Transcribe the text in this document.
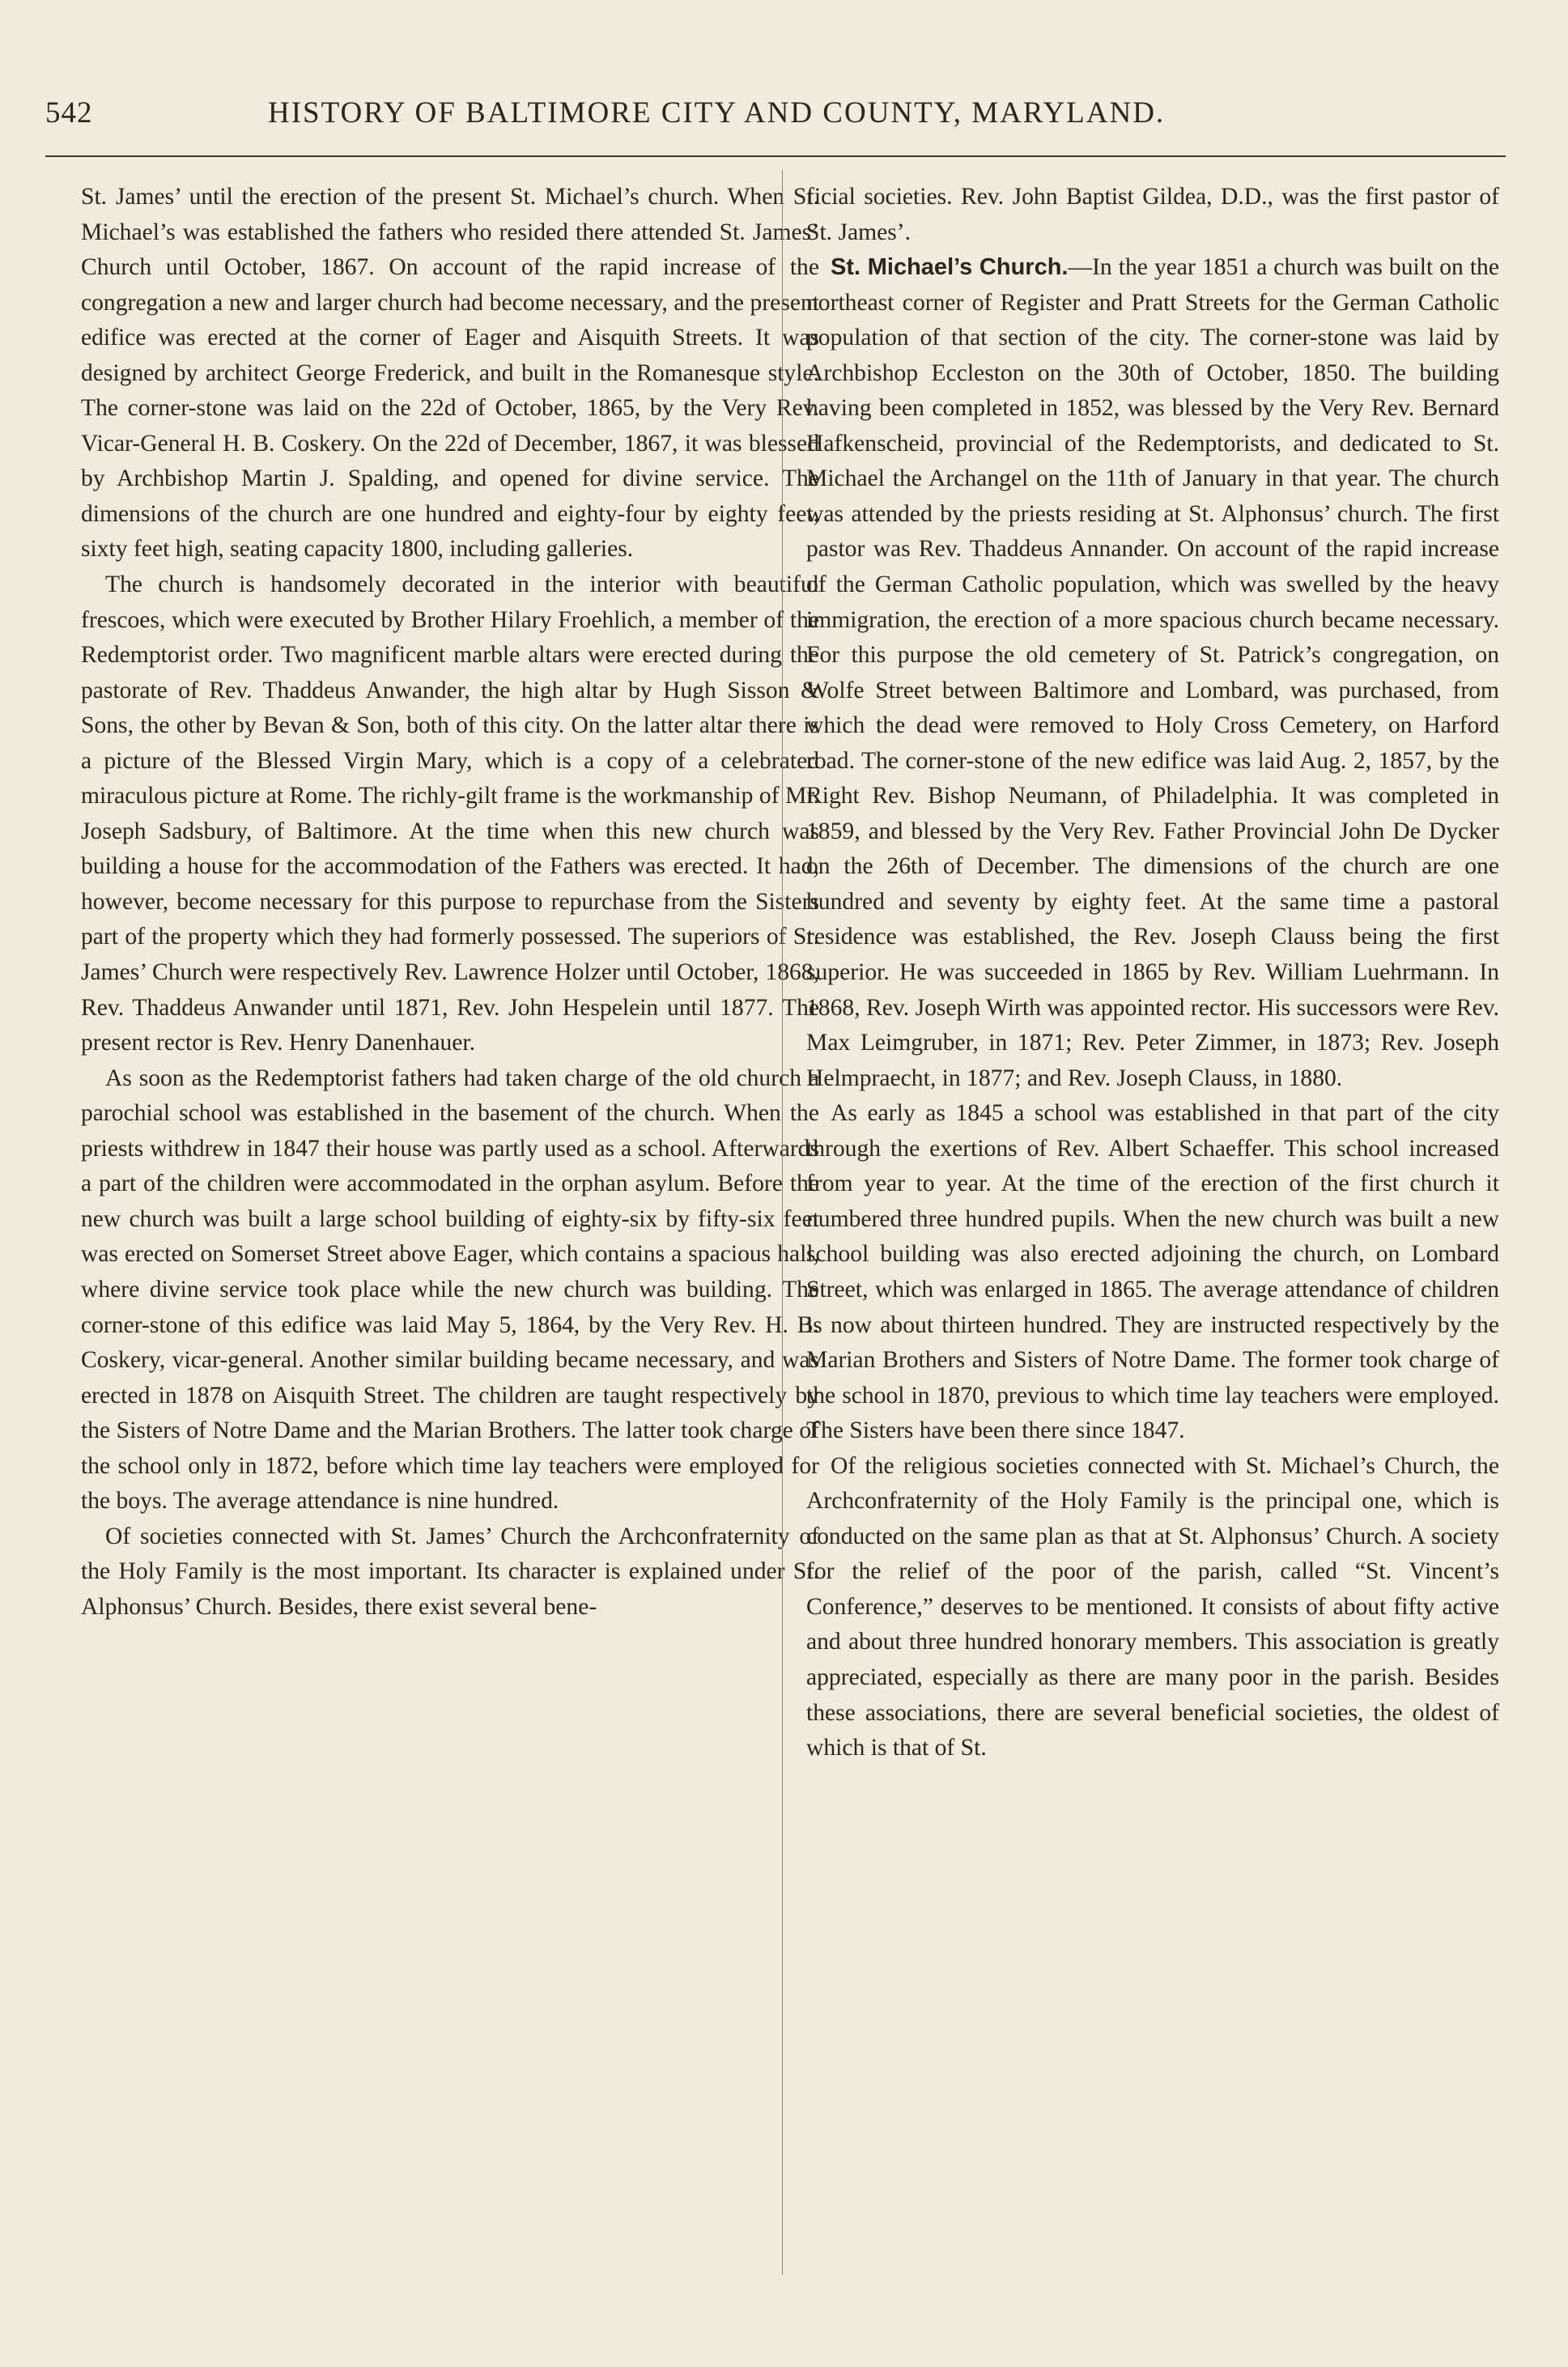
542	HISTORY OF BALTIMORE CITY AND COUNTY, MARYLAND.

St. James’ until the erection of the present St. Michael’s church. When St. Michael’s was established the fathers who resided there attended St. James’ Church until October, 1867. On account of the rapid increase of the congregation a new and larger church had become necessary, and the present edifice was erected at the corner of Eager and Aisquith Streets. It was designed by architect George Frederick, and built in the Romanesque style. The corner-stone was laid on the 22d of October, 1865, by the Very Rev. Vicar-General H. B. Coskery. On the 22d of December, 1867, it was blessed by Archbishop Martin J. Spalding, and opened for divine service. The dimensions of the church are one hundred and eighty-four by eighty feet, sixty feet high, seating capacity 1800, including galleries.

The church is handsomely decorated in the interior with beautiful frescoes, which were executed by Brother Hilary Froehlich, a member of the Redemptorist order. Two magnificent marble altars were erected during the pastorate of Rev. Thaddeus Anwander, the high altar by Hugh Sisson & Sons, the other by Bevan & Son, both of this city. On the latter altar there is a picture of the Blessed Virgin Mary, which is a copy of a celebrated miraculous picture at Rome. The richly-gilt frame is the workmanship of Mr. Joseph Sadsbury, of Baltimore. At the time when this new church was building a house for the accommodation of the Fathers was erected. It had, however, become necessary for this purpose to repurchase from the Sisters part of the property which they had formerly possessed. The superiors of St. James’ Church were respectively Rev. Lawrence Holzer until October, 1868, Rev. Thaddeus Anwander until 1871, Rev. John Hespelein until 1877. The present rector is Rev. Henry Danenhauer.

As soon as the Redemptorist fathers had taken charge of the old church a parochial school was established in the basement of the church. When the priests withdrew in 1847 their house was partly used as a school. Afterwards a part of the children were accommodated in the orphan asylum. Before the new church was built a large school building of eighty-six by fifty-six feet was erected on Somerset Street above Eager, which contains a spacious hall, where divine service took place while the new church was building. The corner-stone of this edifice was laid May 5, 1864, by the Very Rev. H. B. Coskery, vicar-general. Another similar building became necessary, and was erected in 1878 on Aisquith Street. The children are taught respectively by the Sisters of Notre Dame and the Marian Brothers. The latter took charge of the school only in 1872, before which time lay teachers were employed for the boys. The average attendance is nine hundred.

Of societies connected with St. James’ Church the Archconfraternity of the Holy Family is the most important. Its character is explained under St. Alphonsus’ Church. Besides, there exist several bene-

ficial societies. Rev. John Baptist Gildea, D.D., was the first pastor of St. James’.

St. Michael’s Church.—In the year 1851 a church was built on the northeast corner of Register and Pratt Streets for the German Catholic population of that section of the city. The corner-stone was laid by Archbishop Eccleston on the 30th of October, 1850. The building having been completed in 1852, was blessed by the Very Rev. Bernard Hafkenscheid, provincial of the Redemptorists, and dedicated to St. Michael the Archangel on the 11th of January in that year. The church was attended by the priests residing at St. Alphonsus’ church. The first pastor was Rev. Thaddeus Annander. On account of the rapid increase of the German Catholic population, which was swelled by the heavy immigration, the erection of a more spacious church became necessary. For this purpose the old cemetery of St. Patrick’s congregation, on Wolfe Street between Baltimore and Lombard, was purchased, from which the dead were removed to Holy Cross Cemetery, on Harford road. The corner-stone of the new edifice was laid Aug. 2, 1857, by the Right Rev. Bishop Neumann, of Philadelphia. It was completed in 1859, and blessed by the Very Rev. Father Provincial John De Dycker on the 26th of December. The dimensions of the church are one hundred and seventy by eighty feet. At the same time a pastoral residence was established, the Rev. Joseph Clauss being the first superior. He was succeeded in 1865 by Rev. William Luehrmann. In 1868, Rev. Joseph Wirth was appointed rector. His successors were Rev. Max Leimgruber, in 1871; Rev. Peter Zimmer, in 1873; Rev. Joseph Helmpraecht, in 1877; and Rev. Joseph Clauss, in 1880.

As early as 1845 a school was established in that part of the city through the exertions of Rev. Albert Schaeffer. This school increased from year to year. At the time of the erection of the first church it numbered three hundred pupils. When the new church was built a new school building was also erected adjoining the church, on Lombard Street, which was enlarged in 1865. The average attendance of children is now about thirteen hundred. They are instructed respectively by the Marian Brothers and Sisters of Notre Dame. The former took charge of the school in 1870, previous to which time lay teachers were employed. The Sisters have been there since 1847.

Of the religious societies connected with St. Michael’s Church, the Archconfraternity of the Holy Family is the principal one, which is conducted on the same plan as that at St. Alphonsus’ Church. A society for the relief of the poor of the parish, called “St. Vincent’s Conference,” deserves to be mentioned. It consists of about fifty active and about three hundred honorary members. This association is greatly appreciated, especially as there are many poor in the parish. Besides these associations, there are several beneficial societies, the oldest of which is that of St.
